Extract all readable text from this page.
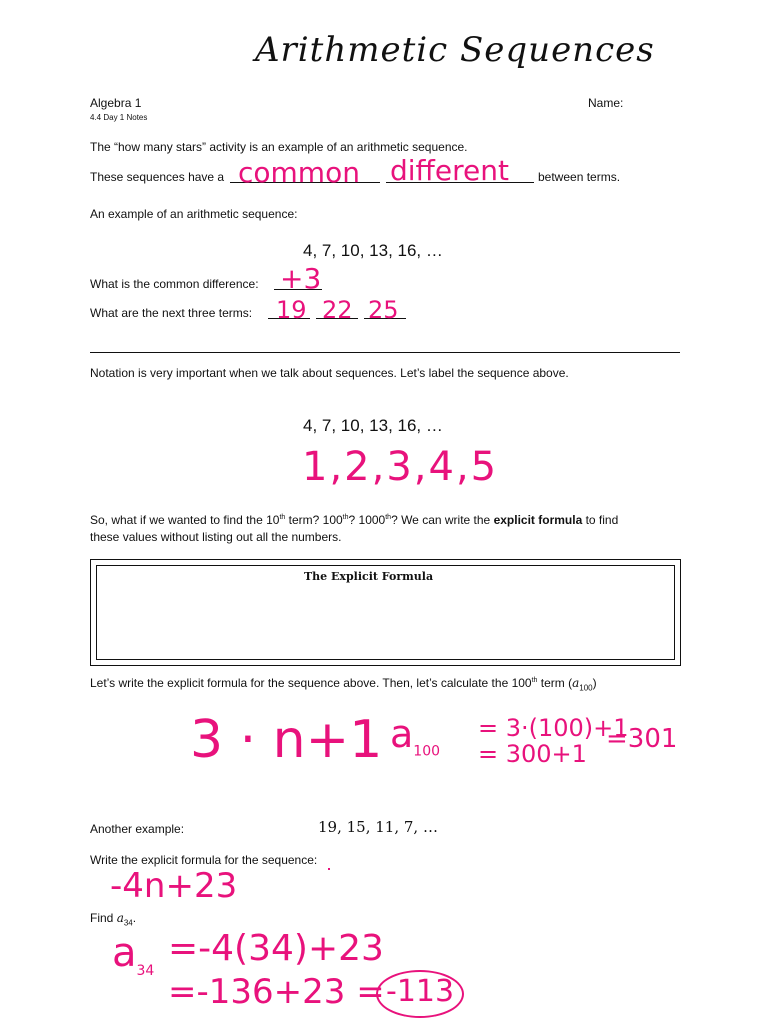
Arithmetic Sequences
Algebra 1
4.4 Day 1 Notes
Name:
The “how many stars” activity is an example of an arithmetic sequence.
These sequences have a	between terms.
common different
An example of an arithmetic sequence:
4, 7, 10, 13, 16, …
What is the common difference: +3
What are the next three terms: 19 22 25
Notation is very important when we talk about sequences. Let’s label the sequence above.
4, 7, 10, 13, 16, …
1,2,3,4,5
So, what if we wanted to find the 10th term? 100th? 1000th? We can write the explicit formula to find
these values without listing out all the numbers.
The Explicit Formula
Let’s write the explicit formula for the sequence above. Then, let’s calculate the 100th term $(a_{100})$
3 · n+1 $a_{100}$
= 3·(100)+1
= 300+1 =301
Another example:	19, 15, 11, 7, …
Write the explicit formula for the sequence:
-4n+23
Find $a_{34}$.
$a_{34}$
=-4(34)+23
=-136+23 = -113
